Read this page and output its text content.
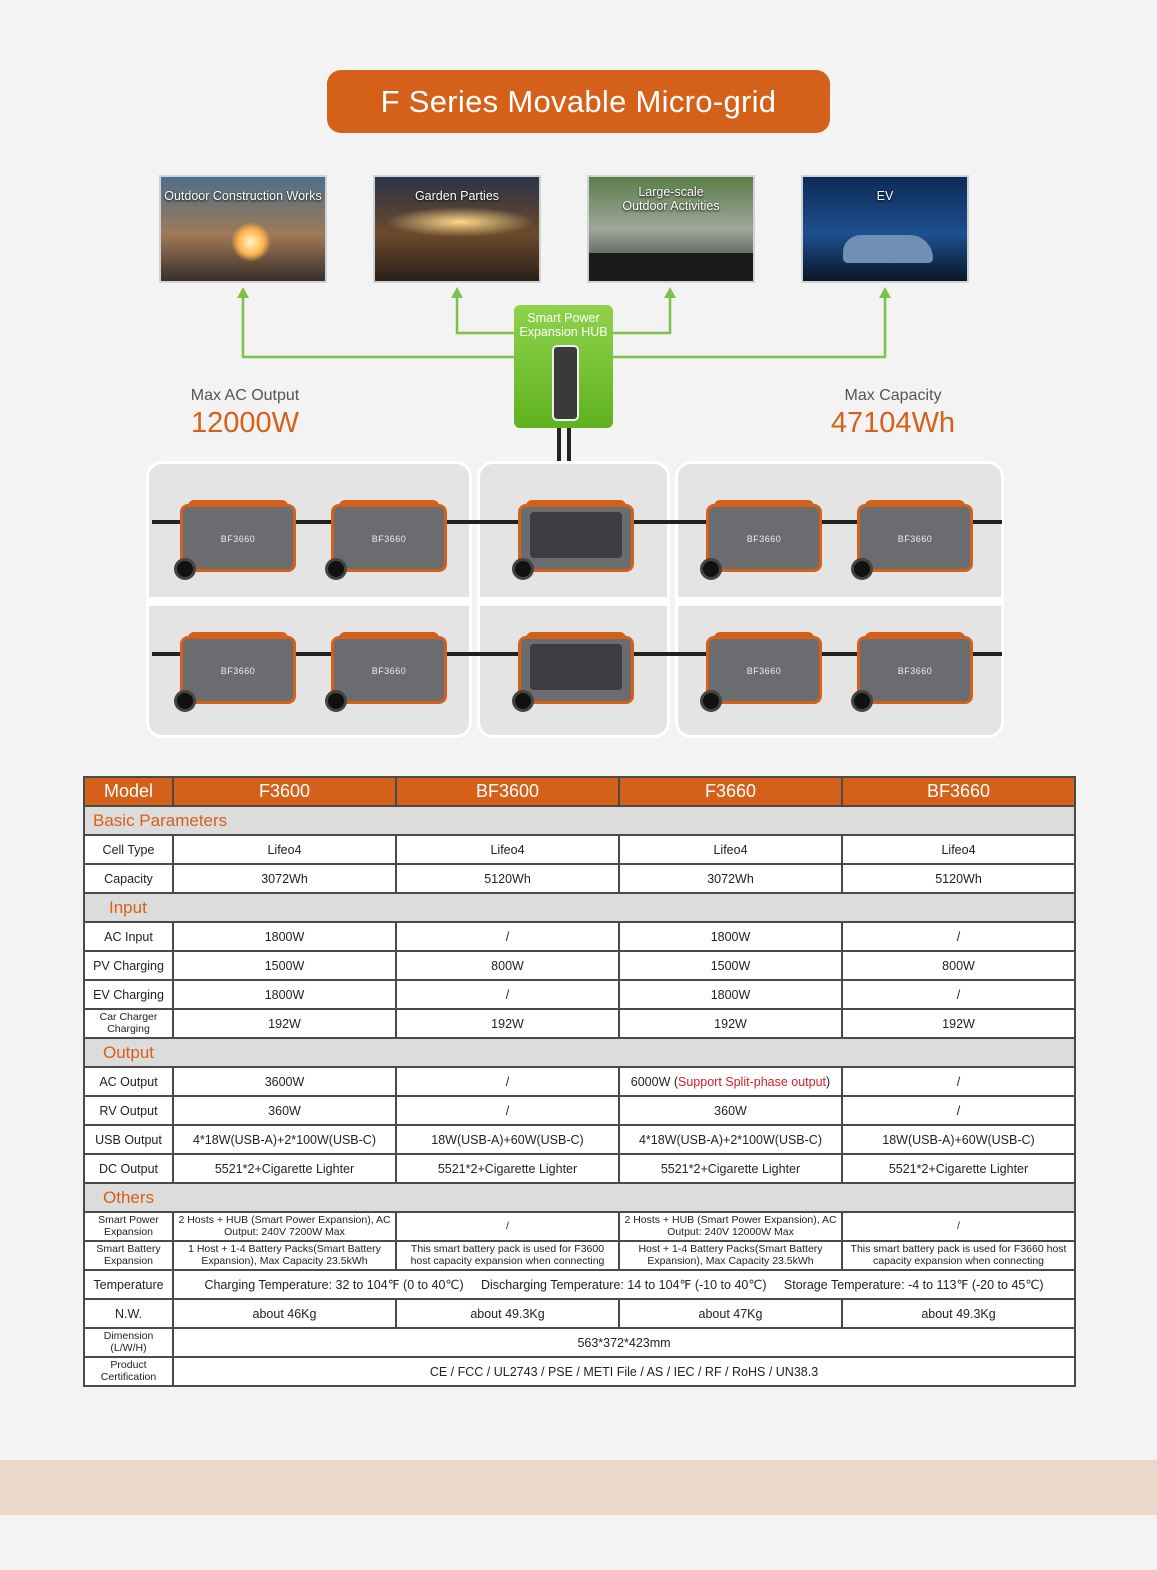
F Series Movable Micro-grid
Outdoor Construction Works	Garden Parties	Large-scale Outdoor Activities
EV
Smart Power Expansion HUB
Max AC Output
12000W
Max Capacity
47104Wh
BF3660	BF3660
BF3660	BF3660
BF3660	BF3660
BF3660	BF3660
Model	F3600	BF3600	F3660	BF3660
Basic Parameters				
Cell Type	Lifeo4	Lifeo4	Lifeo4	Lifeo4
Capacity	3072Wh	5120Wh	3072Wh	5120Wh
Input				
AC Input	1800W	/	1800W	/
PV Charging	1500W	800W	1500W	800W
EV Charging	1800W	/	1800W	/
Car Charger Charging	192W	192W	192W	192W
Output				
AC Output	3600W	/	6000W (Support Split-phase output)	/
RV Output	360W	/	360W	/
USB Output	4*18W(USB-A)+2*100W(USB-C)	18W(USB-A)+60W(USB-C)	4*18W(USB-A)+2*100W(USB-C)	18W(USB-A)+60W(USB-C)
DC Output	5521*2+Cigarette Lighter	5521*2+Cigarette Lighter	5521*2+Cigarette Lighter	5521*2+Cigarette Lighter
Others				
Smart Power Expansion	2 Hosts + HUB (Smart Power Expansion), AC Output: 240V 7200W Max	/	2 Hosts + HUB (Smart Power Expansion), AC Output: 240V 12000W Max	/
Smart Battery Expansion	1 Host + 1-4 Battery Packs(Smart Battery Expansion), Max Capacity 23.5kWh	This smart battery pack is used for F3600 host capacity expansion when connecting	Host + 1-4 Battery Packs(Smart Battery Expansion), Max Capacity 23.5kWh	This smart battery pack is used for F3660 host capacity expansion when connecting
Temperature	Charging Temperature: 32 to 104℉ (0 to 40℃)     Discharging Temperature: 14 to 104℉ (-10 to 40℃)     Storage Temperature: -4 to 113℉ (-20 to 45℃)			
N.W.	about 46Kg	about 49.3Kg	about 47Kg	about 49.3Kg
Dimension (L/W/H)	563*372*423mm			
Product Certification	CE / FCC / UL2743 / PSE / METI File / AS / IEC / RF / RoHS / UN38.3			
